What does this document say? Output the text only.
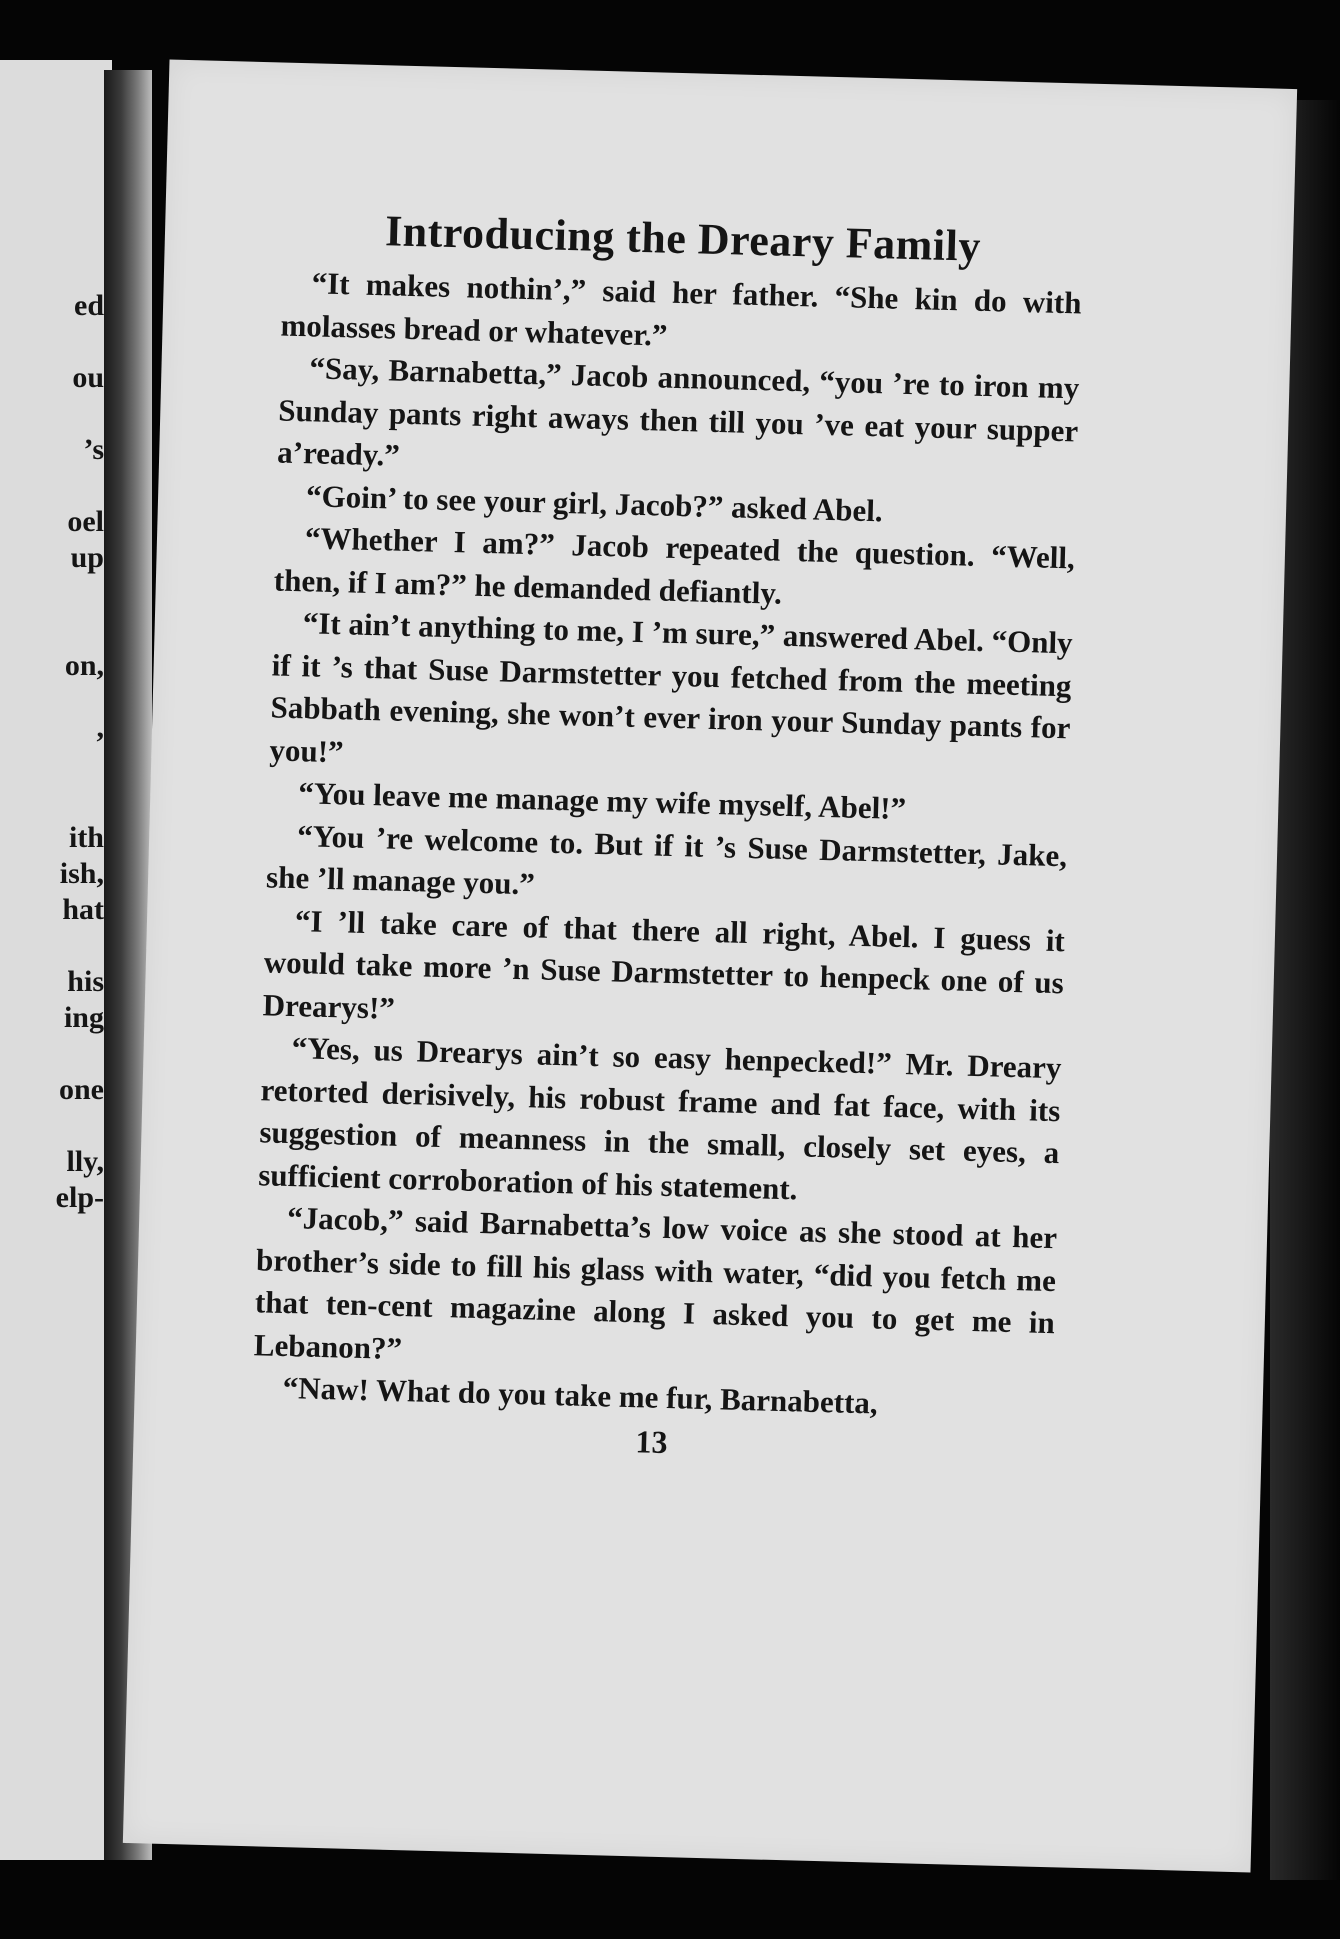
ed
ou
’s
oel
up
on,
,
ith
ish,
hat
his
ing
one
lly,
elp-
Introducing the Dreary Family

“It makes nothin’,” said her father. “She kin do with molasses bread or whatever.”

“Say, Barnabetta,” Jacob announced, “you ’re to iron my Sunday pants right aways then till you ’ve eat your supper a’ready.”

“Goin’ to see your girl, Jacob?” asked Abel.

“Whether I am?” Jacob repeated the question. “Well, then, if I am?” he demanded defiantly.

“It ain’t anything to me, I ’m sure,” answered Abel. “Only if it ’s that Suse Darmstetter you fetched from the meeting Sabbath evening, she won’t ever iron your Sunday pants for you!”

“You leave me manage my wife myself, Abel!”

“You ’re welcome to. But if it ’s Suse Darmstetter, Jake, she ’ll manage you.”

“I ’ll take care of that there all right, Abel. I guess it would take more ’n Suse Darmstetter to henpeck one of us Drearys!”

“Yes, us Drearys ain’t so easy henpecked!” Mr. Dreary retorted derisively, his robust frame and fat face, with its suggestion of meanness in the small, closely set eyes, a sufficient corroboration of his statement.

“Jacob,” said Barnabetta’s low voice as she stood at her brother’s side to fill his glass with water, “did you fetch me that ten-cent magazine along I asked you to get me in Lebanon?”

“Naw! What do you take me fur, Barnabetta,

13
